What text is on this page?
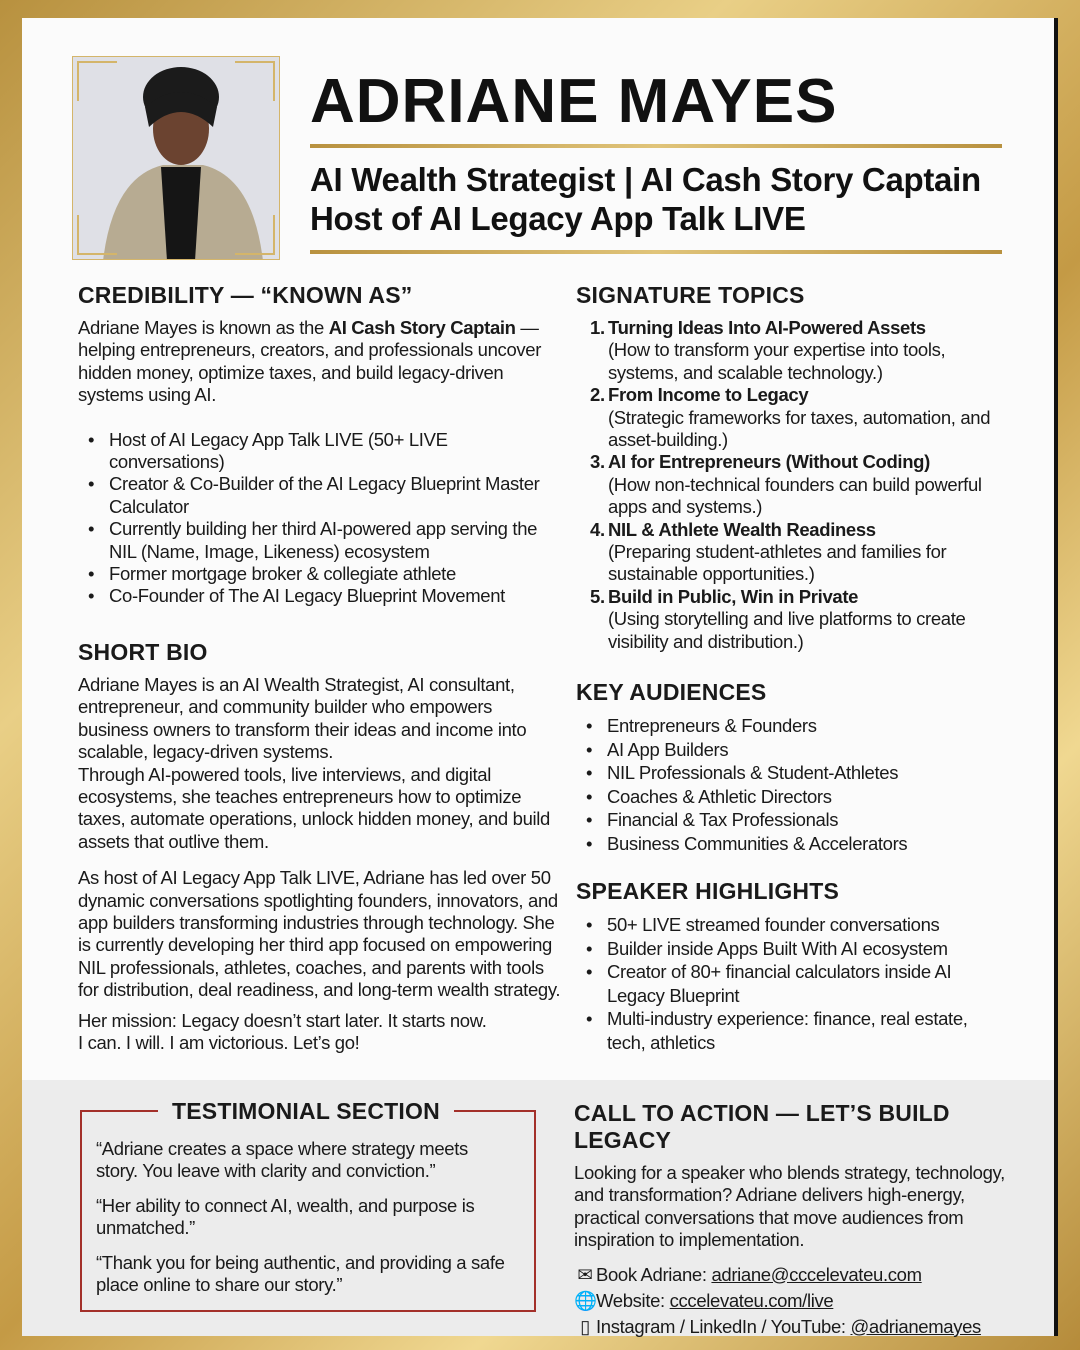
ADRIANE MAYES
AI Wealth Strategist | AI Cash Story Captain
Host of AI Legacy App Talk LIVE
CREDIBILITY — “KNOWN AS”

Adriane Mayes is known as the AI Cash Story Captain — helping entrepreneurs, creators, and professionals uncover hidden money, optimize taxes, and build legacy-driven systems using AI.

• Host of AI Legacy App Talk LIVE (50+ LIVE conversations)
• Creator & Co-Builder of the AI Legacy Blueprint Master Calculator
• Currently building her third AI-powered app serving the NIL (Name, Image, Likeness) ecosystem
• Former mortgage broker & collegiate athlete
• Co-Founder of The AI Legacy Blueprint Movement
SHORT BIO

Adriane Mayes is an AI Wealth Strategist, AI consultant, entrepreneur, and community builder who empowers business owners to transform their ideas and income into scalable, legacy-driven systems.

Through AI-powered tools, live interviews, and digital ecosystems, she teaches entrepreneurs how to optimize taxes, automate operations, unlock hidden money, and build assets that outlive them.

As host of AI Legacy App Talk LIVE, Adriane has led over 50 dynamic conversations spotlighting founders, innovators, and app builders transforming industries through technology. She is currently developing her third app focused on empowering NIL professionals, athletes, coaches, and parents with tools for distribution, deal readiness, and long-term wealth strategy.

Her mission: Legacy doesn’t start later. It starts now.

I can. I will. I am victorious. Let’s go!

SIGNATURE TOPICS
1. Turning Ideas Into AI-Powered Assets
(How to transform your expertise into tools, systems, and scalable technology.)
2. From Income to Legacy
(Strategic frameworks for taxes, automation, and asset-building.)
3. AI for Entrepreneurs (Without Coding)
(How non-technical founders can build powerful apps and systems.)
4. NIL & Athlete Wealth Readiness
(Preparing student-athletes and families for sustainable opportunities.)
5. Build in Public, Win in Private
(Using storytelling and live platforms to create visibility and distribution.)
KEY AUDIENCES
• Entrepreneurs & Founders
• AI App Builders
• NIL Professionals & Student-Athletes
• Coaches & Athletic Directors
• Financial & Tax Professionals
• Business Communities & Accelerators
SPEAKER HIGHLIGHTS
• 50+ LIVE streamed founder conversations
• Builder inside Apps Built With AI ecosystem
• Creator of 80+ financial calculators inside AI Legacy Blueprint
• Multi-industry experience: finance, real estate, tech, athletics
TESTIMONIAL SECTION

“Adriane creates a space where strategy meets story. You leave with clarity and conviction.”

“Her ability to connect AI, wealth, and purpose is unmatched.”

“Thank you for being authentic, and providing a safe place online to share our story.”

CALL TO ACTION — LET’S BUILD LEGACY

Looking for a speaker who blends strategy, technology, and transformation? Adriane delivers high-energy, practical conversations that move audiences from inspiration to implementation.

✉ Book Adriane: adriane@cccelevateu.com
🌐Website: cccelevateu.com/live
▯ Instagram / LinkedIn / YouTube: @adrianemayes
